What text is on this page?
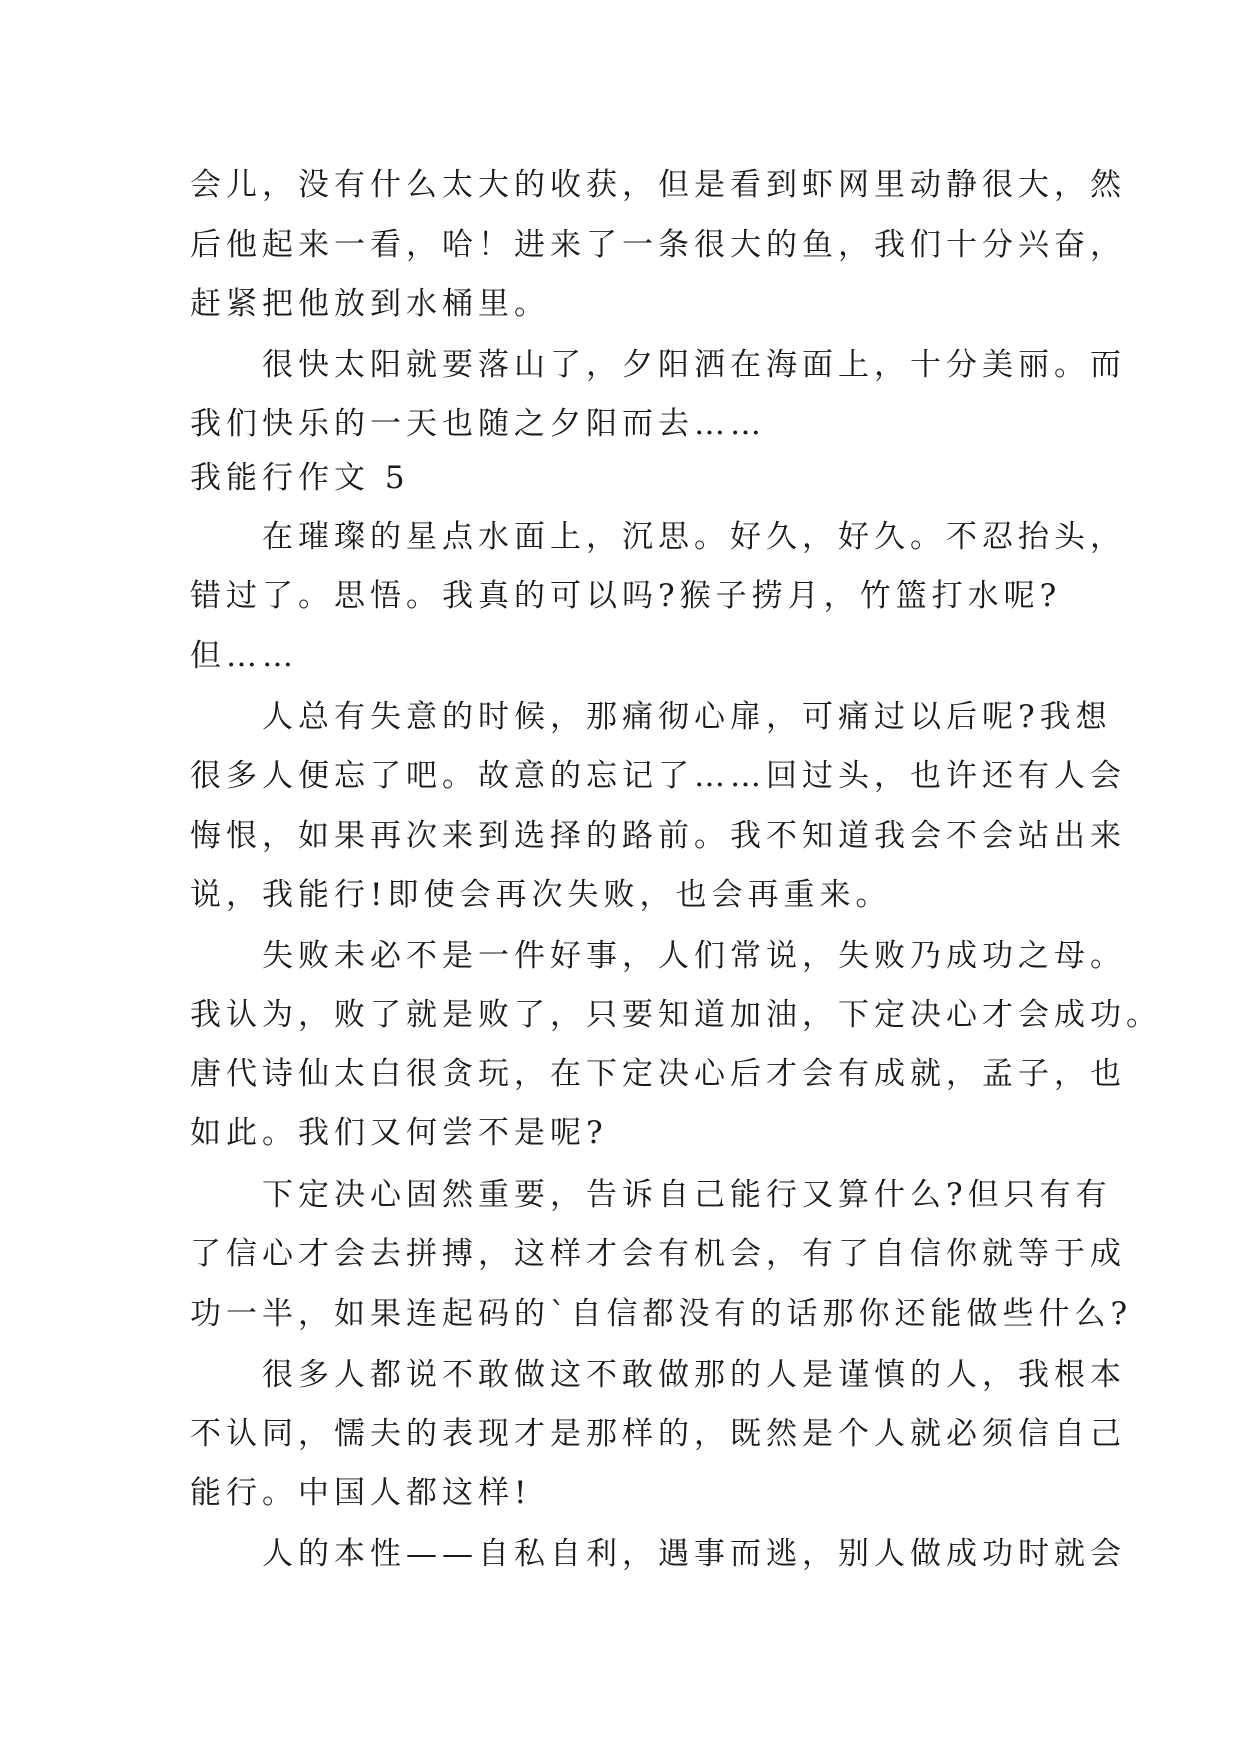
会儿，没有什么太大的收获，但是看到虾网里动静很大，然
后他起来一看，哈！进来了一条很大的鱼，我们十分兴奋，
赶紧把他放到水桶里。
　　很快太阳就要落山了，夕阳洒在海面上，十分美丽。而
我们快乐的一天也随之夕阳而去……
我能行作文 5
　　在璀璨的星点水面上，沉思。好久，好久。不忍抬头，
错过了。思悟。我真的可以吗?猴子捞月，竹篮打水呢?
但……
　　人总有失意的时候，那痛彻心扉，可痛过以后呢?我想
很多人便忘了吧。故意的忘记了……回过头，也许还有人会
悔恨，如果再次来到选择的路前。我不知道我会不会站出来
说，我能行!即使会再次失败，也会再重来。
　　失败未必不是一件好事，人们常说，失败乃成功之母。
我认为，败了就是败了，只要知道加油，下定决心才会成功。
唐代诗仙太白很贪玩，在下定决心后才会有成就，孟子，也
如此。我们又何尝不是呢?
　　下定决心固然重要，告诉自己能行又算什么?但只有有
了信心才会去拼搏，这样才会有机会，有了自信你就等于成
功一半，如果连起码的`自信都没有的话那你还能做些什么?
　　很多人都说不敢做这不敢做那的人是谨慎的人，我根本
不认同，懦夫的表现才是那样的，既然是个人就必须信自己
能行。中国人都这样!
　　人的本性——自私自利，遇事而逃，别人做成功时就会
